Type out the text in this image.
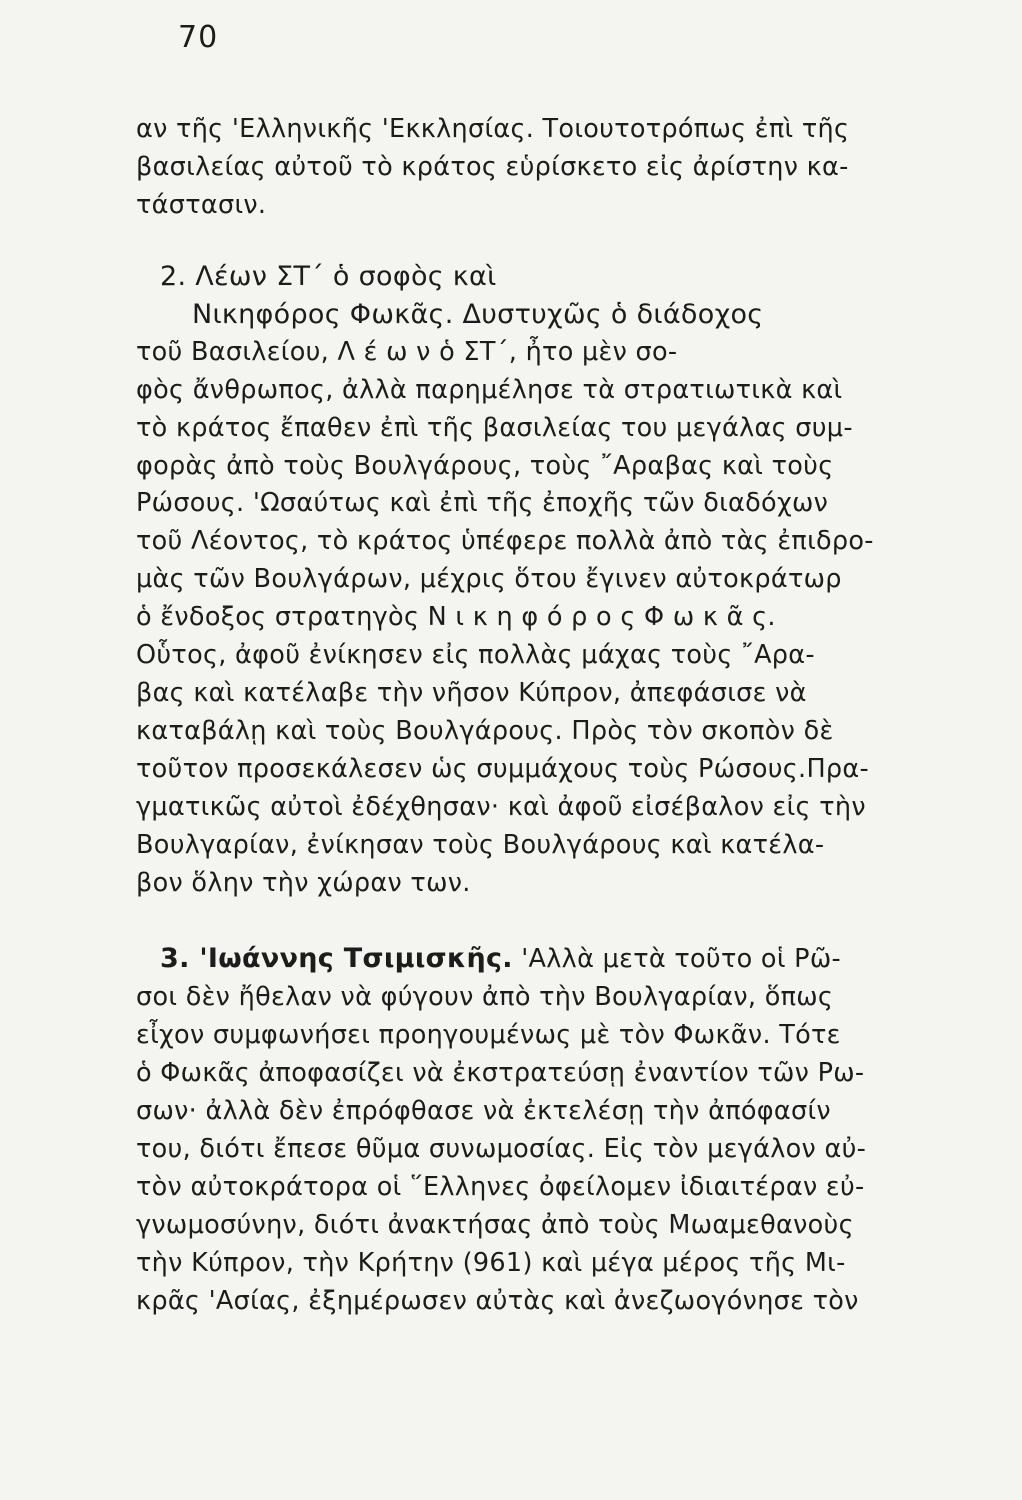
70
αν τῆς 'Ελληνικῆς 'Εκκλησίας. Τοιουτοτρόπως ἐπὶ τῆς
βασιλείας αὐτοῦ τὸ κράτος εὑρίσκετο εἰς ἀρίστην κα-
τάστασιν.
2. Λέων ΣΤ΄ ὁ σοφὸς καὶ
Νικηφόρος Φωκᾶς. Δυστυχῶς ὁ διάδοχος
τοῦ Βασιλείου, Λ έ ω ν ὁ ΣΤ΄, ἦτο μὲν σο-
φὸς ἄνθρωπος, ἀλλὰ παρημέλησε τὰ στρατιωτικὰ καὶ
τὸ κράτος ἔπαθεν ἐπὶ τῆς βασιλείας του μεγάλας συμ-
φορὰς ἀπὸ τοὺς Βουλγάρους, τοὺς ῎Αραβας καὶ τοὺς
Ρώσους. 'Ωσαύτως καὶ ἐπὶ τῆς ἐποχῆς τῶν διαδόχων
τοῦ Λέοντος, τὸ κράτος ὑπέφερε πολλὰ ἀπὸ τὰς ἐπιδρο-
μὰς τῶν Βουλγάρων, μέχρις ὅτου ἔγινεν αὐτοκράτωρ
ὁ ἔνδοξος στρατηγὸς Ν ι κ η φ ό ρ ο ς Φ ω κ ᾶ ς.
Οὗτος, ἀφοῦ ἐνίκησεν εἰς πολλὰς μάχας τοὺς ῎Αρα-
βας καὶ κατέλαβε τὴν νῆσον Κύπρον, ἀπεφάσισε νὰ
καταβάλῃ καὶ τοὺς Βουλγάρους. Πρὸς τὸν σκοπὸν δὲ
τοῦτον προσεκάλεσεν ὡς συμμάχους τοὺς Ρώσους.Πρα-
γματικῶς αὐτοὶ ἐδέχθησαν· καὶ ἀφοῦ εἰσέβαλον εἰς τὴν
Βουλγαρίαν, ἐνίκησαν τοὺς Βουλγάρους καὶ κατέλα-
βον ὅλην τὴν χώραν των.
3. 'Ιωάννης Τσιμισκῆς. 'Αλλὰ μετὰ τοῦτο οἱ Ρῶ-
σοι δὲν ἤθελαν νὰ φύγουν ἀπὸ τὴν Βουλγαρίαν, ὅπως
εἶχον συμφωνήσει προηγουμένως μὲ τὸν Φωκᾶν. Τότε
ὁ Φωκᾶς ἀποφασίζει νὰ ἐκστρατεύσῃ ἐναντίον τῶν Ρω-
σων· ἀλλὰ δὲν ἐπρόφθασε νὰ ἐκτελέσῃ τὴν ἀπόφασίν
του, διότι ἔπεσε θῦμα συνωμοσίας. Εἰς τὸν μεγάλον αὐ-
τὸν αὐτοκράτορα οἱ ῞Ελληνες ὀφείλομεν ἰδιαιτέραν εὐ-
γνωμοσύνην, διότι ἀνακτήσας ἀπὸ τοὺς Μωαμεθανοὺς
τὴν Κύπρον, τὴν Κρήτην (961) καὶ μέγα μέρος τῆς Μι-
κρᾶς 'Ασίας, ἐξημέρωσεν αὐτὰς καὶ ἀνεζωογόνησε τὸν
